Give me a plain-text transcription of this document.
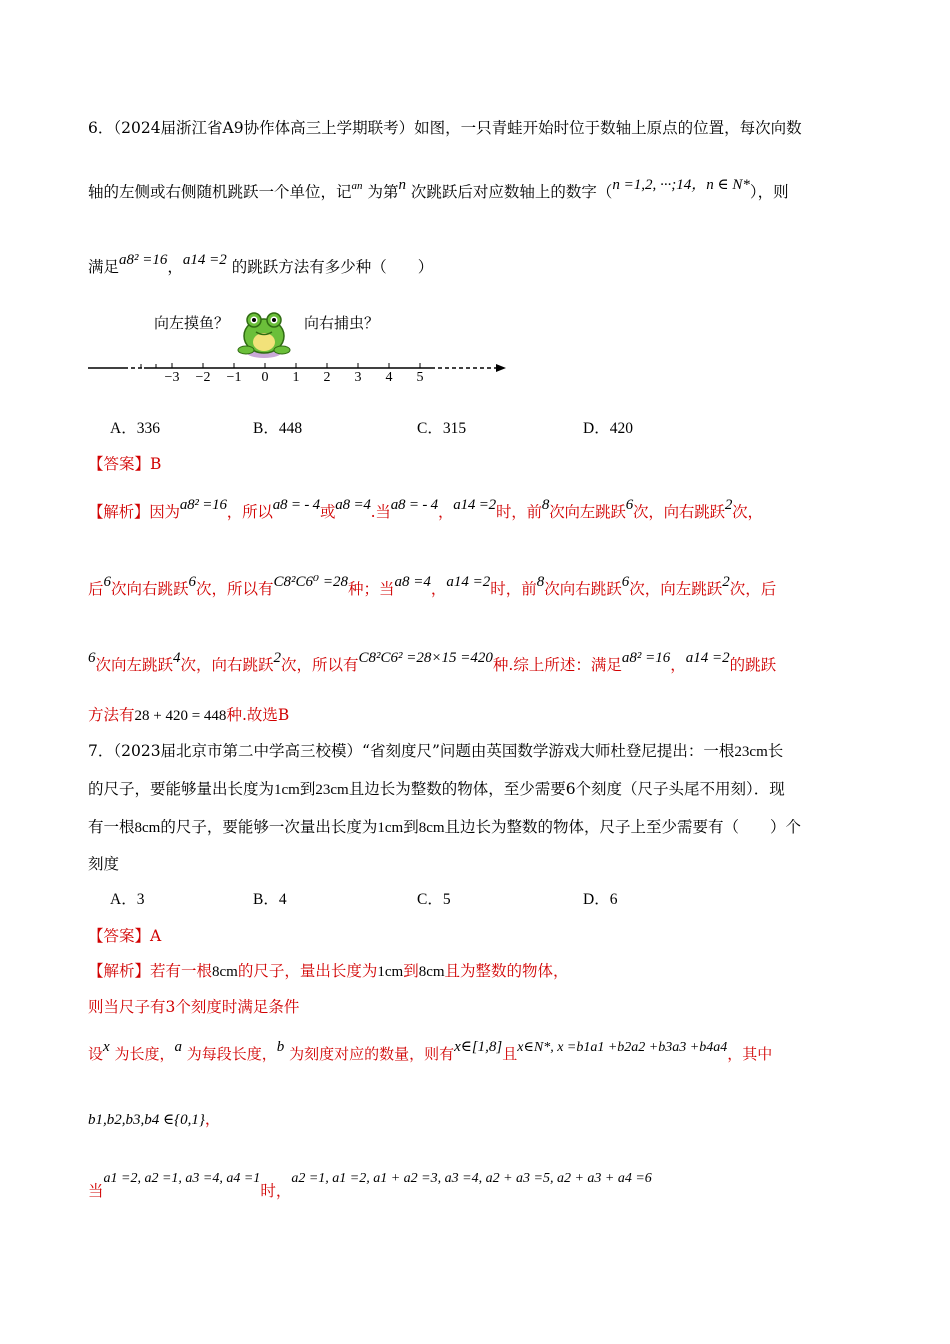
6．（2024届浙江省A9协作体高三上学期联考）如图，一只青蛙开始时位于数轴上原点的位置，每次向数
轴的左侧或右侧随机跳跃一个单位，记$^{an}$ 为第n 次跳跃后对应数轴上的数字（n =1,2, ···;14，n ∈ N*），则
满足a8² =16，a14 =2 的跳跃方法有多少种（　　）
向左摸鱼？	向右捕虫？
−3	−2	−1	0	1	2	3	4	5
A．336	B．448	C．315	D．420
【答案】B
【解析】因为a8² =16，所以a8 = - 4或a8 =4.当a8 = - 4，a14 =2时，前8次向左跳跃6次，向右跳跃2次，
后6次向右跳跃6次，所以有C8²C6⁰ =28种；当a8 =4，a14 =2时，前8次向右跳跃6次，向左跳跃2次，后
6次向左跳跃4次，向右跳跃2次，所以有C8²C6² =28×15 =420种.综上所述：满足a8² =16，a14 =2的跳跃
方法有28 + 420 = 448种.故选B
7．（2023届北京市第二中学高三校模）“省刻度尺”问题由英国数学游戏大师杜登尼提出：一根23cm长
的尺子，要能够量出长度为1cm到23cm且边长为整数的物体，至少需要6个刻度（尺子头尾不用刻）．现
有一根8cm的尺子，要能够一次量出长度为1cm到8cm且边长为整数的物体，尺子上至少需要有（　　）个
刻度
A．3	B．4	C．5	D．6
【答案】A
【解析】若有一根8cm的尺子，量出长度为1cm到8cm且为整数的物体，
则当尺子有3个刻度时满足条件
设x 为长度，a 为每段长度，b 为刻度对应的数量，则有x∈[1,8]且x∈N*, x =b1a1 +b2a2 +b3a3 +b4a4，其中
b1,b2,b3,b4 ∈{0,1}，
当a1 =2, a2 =1, a3 =4, a4 =1时，a2 =1, a1 =2, a1 + a2 =3, a3 =4, a2 + a3 =5, a2 + a3 + a4 =6
